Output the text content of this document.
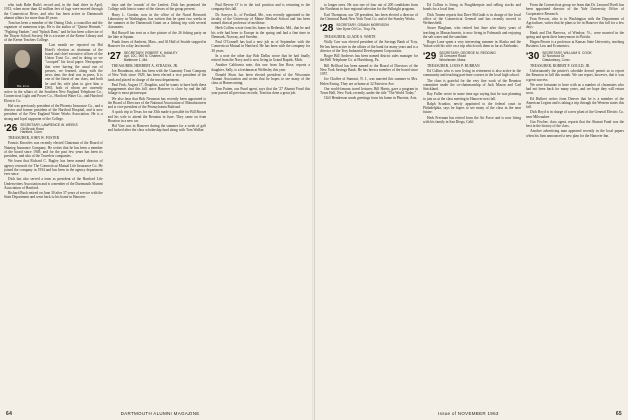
who took Babe Ruth's record and, in the final drive in April, 1913, when more than 42 million feet of logs were moved through the Connecticut River, and who has been active in Dartmouth alumni affairs for more than 40 years.

Tom has been a member of the Outing Club, a councillor and the organizer of numerous trips. He is the author of "Quinte Hennett," "Fighting Yankee," and "Splash Dam," and he has been a director of the Thayer School Society. He is a trustee of the Keene Library and of the Keene Teachers College.

Hal, let us

Last month we reported on Hal Hotel's election as chairman of the board and chief executive officer of the Union Trust Co., and in doing so we "scooped" his local paper. Newspapers that were having the usual run of presses, we learned, along with the news item, the deal was in press. It is one of the finest of our class, and both he and his wife plan to give him a DSO, both of whom are currently active in the affairs of the Southern New England Telephone Co., Connecticut Light and Power Co., Hartford Water Co., and Hartford Electric Co.

Hal was previously president of the Phoenix Insurance Co., and a director and former president of the Hartford Hospital, and is now president of the New England Water Works Association. He is a strong and loyal supporter of the College.

'26 SECRETARY, LAWRENCE W. WEEKS
Old Brook Road
Hartford, Conn.

TREASURER, JOHN W. FOSTER

Francis Knowles was recently elected Chairman of the Board of Nutmeg Insurance Company. He writes that he has been a member of the board since 1949, and for the past few years has been its president, and also of the Travelers companies.

We learn that Richard C. Bagley has been named director of agency research for The Connecticut Mutual Life Insurance Co. He joined the company in 1934 and has been in the agency department ever since.

Dick has also served a term as president of the Hartford Life Underwriters Association and is a member of the Dartmouth Alumni Association of Hartford.

Richard Buck retired on June 30 after 37 years of service with the State Department and went back to his home in Hanover.

days and the 'rounds' of the Lenfest. Dick has promised the College with him to some of the classes of the group present.

Harry L. Gordon, now in the office of the Naval Research Laboratory in Washington, has written that he spent two weeks in the summer at the Dartmouth Grant on a fishing trip with several classmates.

Hal Russell has sent us a fine picture of the 26 fishing party on the lake at Squam.

Frank Jones of Amherst, Mass., and Al Hall of Seattle stopped in Hanover for a day last month.

'27 SECRETARY, ROBERT K. HAWLEY
Apt. 10C, 900 N. Charles St.
Baltimore 1, Md.

TREASURER, HERBERT A. STRAUSS, JR.

Joe Broadman, who has been with the Guaranty Trust Company of New York since 1929, has been elected a vice president of the bank and placed in charge of the trust department.

Paul Fink, August 17, Dauphin, said he wants to have both these engagements shot this fall, since Hanover is close by and the fall foliage is most picturesque.

We also hear that Bob Nessman has recently been appointed to the Board of Directors of the National Association of Manufacturers and is vice-president of the Pennsylvania Railroad.

A quick trip to Texas for our 35th made it possible for Bill Brown and his wife to attend the Reunion in June. They came on from Houston in a new car.

Hal Vare was in Hanover during the summer for a week of golf and looked after the class scholarship fund along with Tom Walker.

Paul Revere O' is in the tool position and is returning to the company this fall.

Dr. Sawyer, Jr., of Portland, Me., was recently appointed to the faculty of the University of Maine Medical School and has been named clinical professor of medicine.

Herb Collins wrote from his home in Bethesda, Md., that he and his wife had been to Europe in the spring and had a fine time in Denmark, Norway, and Sweden.

Paul O'Connell has had a new job as of September with the Connecticut Mutual in Hartford. He has been with the company for 30 years.

In a note the other day Bob Dallas wrote that he had finally retired from the Navy and is now living in Grand Rapids, Mich.

Another California note, this one from Jim Rose, reports a daughter, Sally, is a freshman at Wellesley this year.

Donald Shaw has been elected president of the Wisconsin Alumni Association and writes that he hopes to see many of the class at Homecoming.

Tom Patten, our Fund agent, says that the '27 Alumni Fund this year passed all previous records; Tom has done a great job.

64	DARTMOUTH ALUMNI MAGAZINE

to longer ones. He was one of four out of 200 candidates from the Northeast to face regional selection for the Fulbright program.

Earl Thompson, our '28 president, has been elected a director of the Chemical Bank New York Trust Co. and of the Stanley Works.

'28 SECRETARY, OSMUN MORRISON
Van Dyne Oil Co., Troy, Pa.

TREASURER, GLADE A. WHITE

Wally Carr was elected president of the Savings Bank of Troy. He has been active in the affairs of the bank for many years and is a director of the Troy Industrial Development Corporation.

Roger Bill Andrews has been named district sales manager for the Bell Telephone Co. at Harrisburg, Pa.

Bill Bellford has been named to the Board of Directors of the New York Savings Bank. He has been a member of the board since 1957.

Joe Chaffee of Summit, N. J., was married this summer to Mrs. Helen Ewing. They are at home at 32 Fairview Ave.

Our world-famous travel lecturer, Bill Harris, gave a program in Town Hall, New York, recently, under the title "The World Today."

Cliff Henderson sends greetings from his home in Phoenix, Ariz.

Ed Collins is living in Poughkeepsie and selling stocks and bonds for a local firm.

Dick Tranen reports that Dave McGrath is in charge of the local office of the Connecticut General and has recently moved to Wethersfield.

Stowe Bingham, who retired last June after thirty years of teaching in Massachusetts, is now living in Falmouth and enjoying the salt water and the sunshine.

Roger Lane spent a very interesting summer in Alaska and the Yukon with his wife on a trip which took them as far as Fairbanks.

'29 SECRETARY, GEORGE M. REDDING
18 Crescent Road
Winchester, Mass.

TREASURER, LOUIS P. BURBAN

Ed Collins who is now living in retirement is also active in the community and teaching part-time courses in the local high school.

The class is grateful for the very fine work of the Reunion committee under the co-chairmanship of Jack Mason and Carl Strickland.

Ray Fuller wrote in some time ago saying that he was planning to join us at the class meeting in Hanover next fall.

Ralph Scanlon, newly appointed to the federal court in Philadelphia, says he hopes to see many of the class in the near future.

Herb Freeman has retired from the Air Force and is now living with his family in San Diego, Calif.

From the Connecticut group we learn that Dr. Leonard Dwelt has been appointed director of the Yale University Office of Cooperative Research.

Fran Prevost, who is in Washington with the Department of Agriculture, writes that he plans to be in Hanover this fall for a few days.

Hank and Dot Barrows, of Windsor, Vt., were married in the spring and spent their honeymoon in Florida.

Hagen Brown is a professor at Kansas State University, teaching Business Law and Economics.

'30 SECRETARY, WILLIAM S. COOK
42 Norwood Dr.
Glastonbury, Conn.

TREASURER, ROBERT P. GOULD, JR.

Unfortunately the printer's schedule doesn't permit us to report the Reunion in full this month. We can report, however, that it was a great success.

We were fortunate to have with us a number of classmates who had not been back for many years, and we hope they will return soon.

Ed Hulbert writes from Denver that he is a member of the American Legion and is taking a trip through the Western states this fall.

Dick Boyd is in charge of a new plant of the General Electric Co. near Milwaukee.

Gus Fischer, class agent, reports that the Alumni Fund was the best in the history of the class.

Another advertising man appeared recently in the local papers when his firm announced a new plan for the Hanover Inn.

Issue of NOVEMBER 1963	65
